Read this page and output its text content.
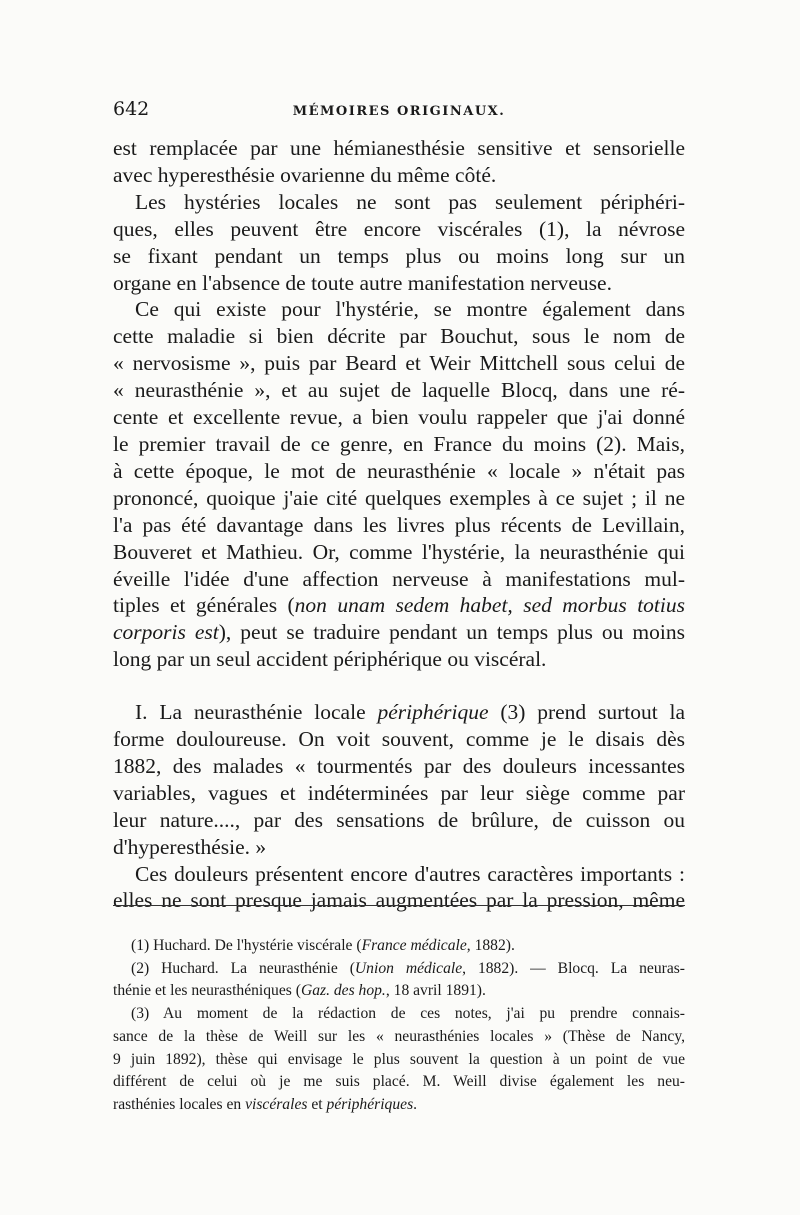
642	MÉMOIRES ORIGINAUX.
est remplacée par une hémianesthésie sensitive et sensorielle
avec hyperesthésie ovarienne du même côté.
Les hystéries locales ne sont pas seulement périphéri-
ques, elles peuvent être encore viscérales (1), la névrose
se fixant pendant un temps plus ou moins long sur un
organe en l'absence de toute autre manifestation nerveuse.
Ce qui existe pour l'hystérie, se montre également dans
cette maladie si bien décrite par Bouchut, sous le nom de
« nervosisme », puis par Beard et Weir Mittchell sous celui de
« neurasthénie », et au sujet de laquelle Blocq, dans une ré-
cente et excellente revue, a bien voulu rappeler que j'ai donné
le premier travail de ce genre, en France du moins (2). Mais,
à cette époque, le mot de neurasthénie « locale » n'était pas
prononcé, quoique j'aie cité quelques exemples à ce sujet ; il ne
l'a pas été davantage dans les livres plus récents de Levillain,
Bouveret et Mathieu. Or, comme l'hystérie, la neurasthénie qui
éveille l'idée d'une affection nerveuse à manifestations mul-
tiples et générales (non unam sedem habet, sed morbus totius
corporis est), peut se traduire pendant un temps plus ou moins
long par un seul accident périphérique ou viscéral.
I. La neurasthénie locale périphérique (3) prend surtout la
forme douloureuse. On voit souvent, comme je le disais dès
1882, des malades « tourmentés par des douleurs incessantes
variables, vagues et indéterminées par leur siège comme par
leur nature...., par des sensations de brûlure, de cuisson ou
d'hyperesthésie. »
Ces douleurs présentent encore d'autres caractères importants :
elles ne sont presque jamais augmentées par la pression, même
(1) Huchard. De l'hystérie viscérale (France médicale, 1882).
(2) Huchard. La neurasthénie (Union médicale, 1882). — Blocq. La neuras-
thénie et les neurasthéniques (Gaz. des hop., 18 avril 1891).
(3) Au moment de la rédaction de ces notes, j'ai pu prendre connais-
sance de la thèse de Weill sur les « neurasthénies locales » (Thèse de Nancy,
9 juin 1892), thèse qui envisage le plus souvent la question à un point de vue
différent de celui où je me suis placé. M. Weill divise également les neu-
rasthénies locales en viscérales et périphériques.
